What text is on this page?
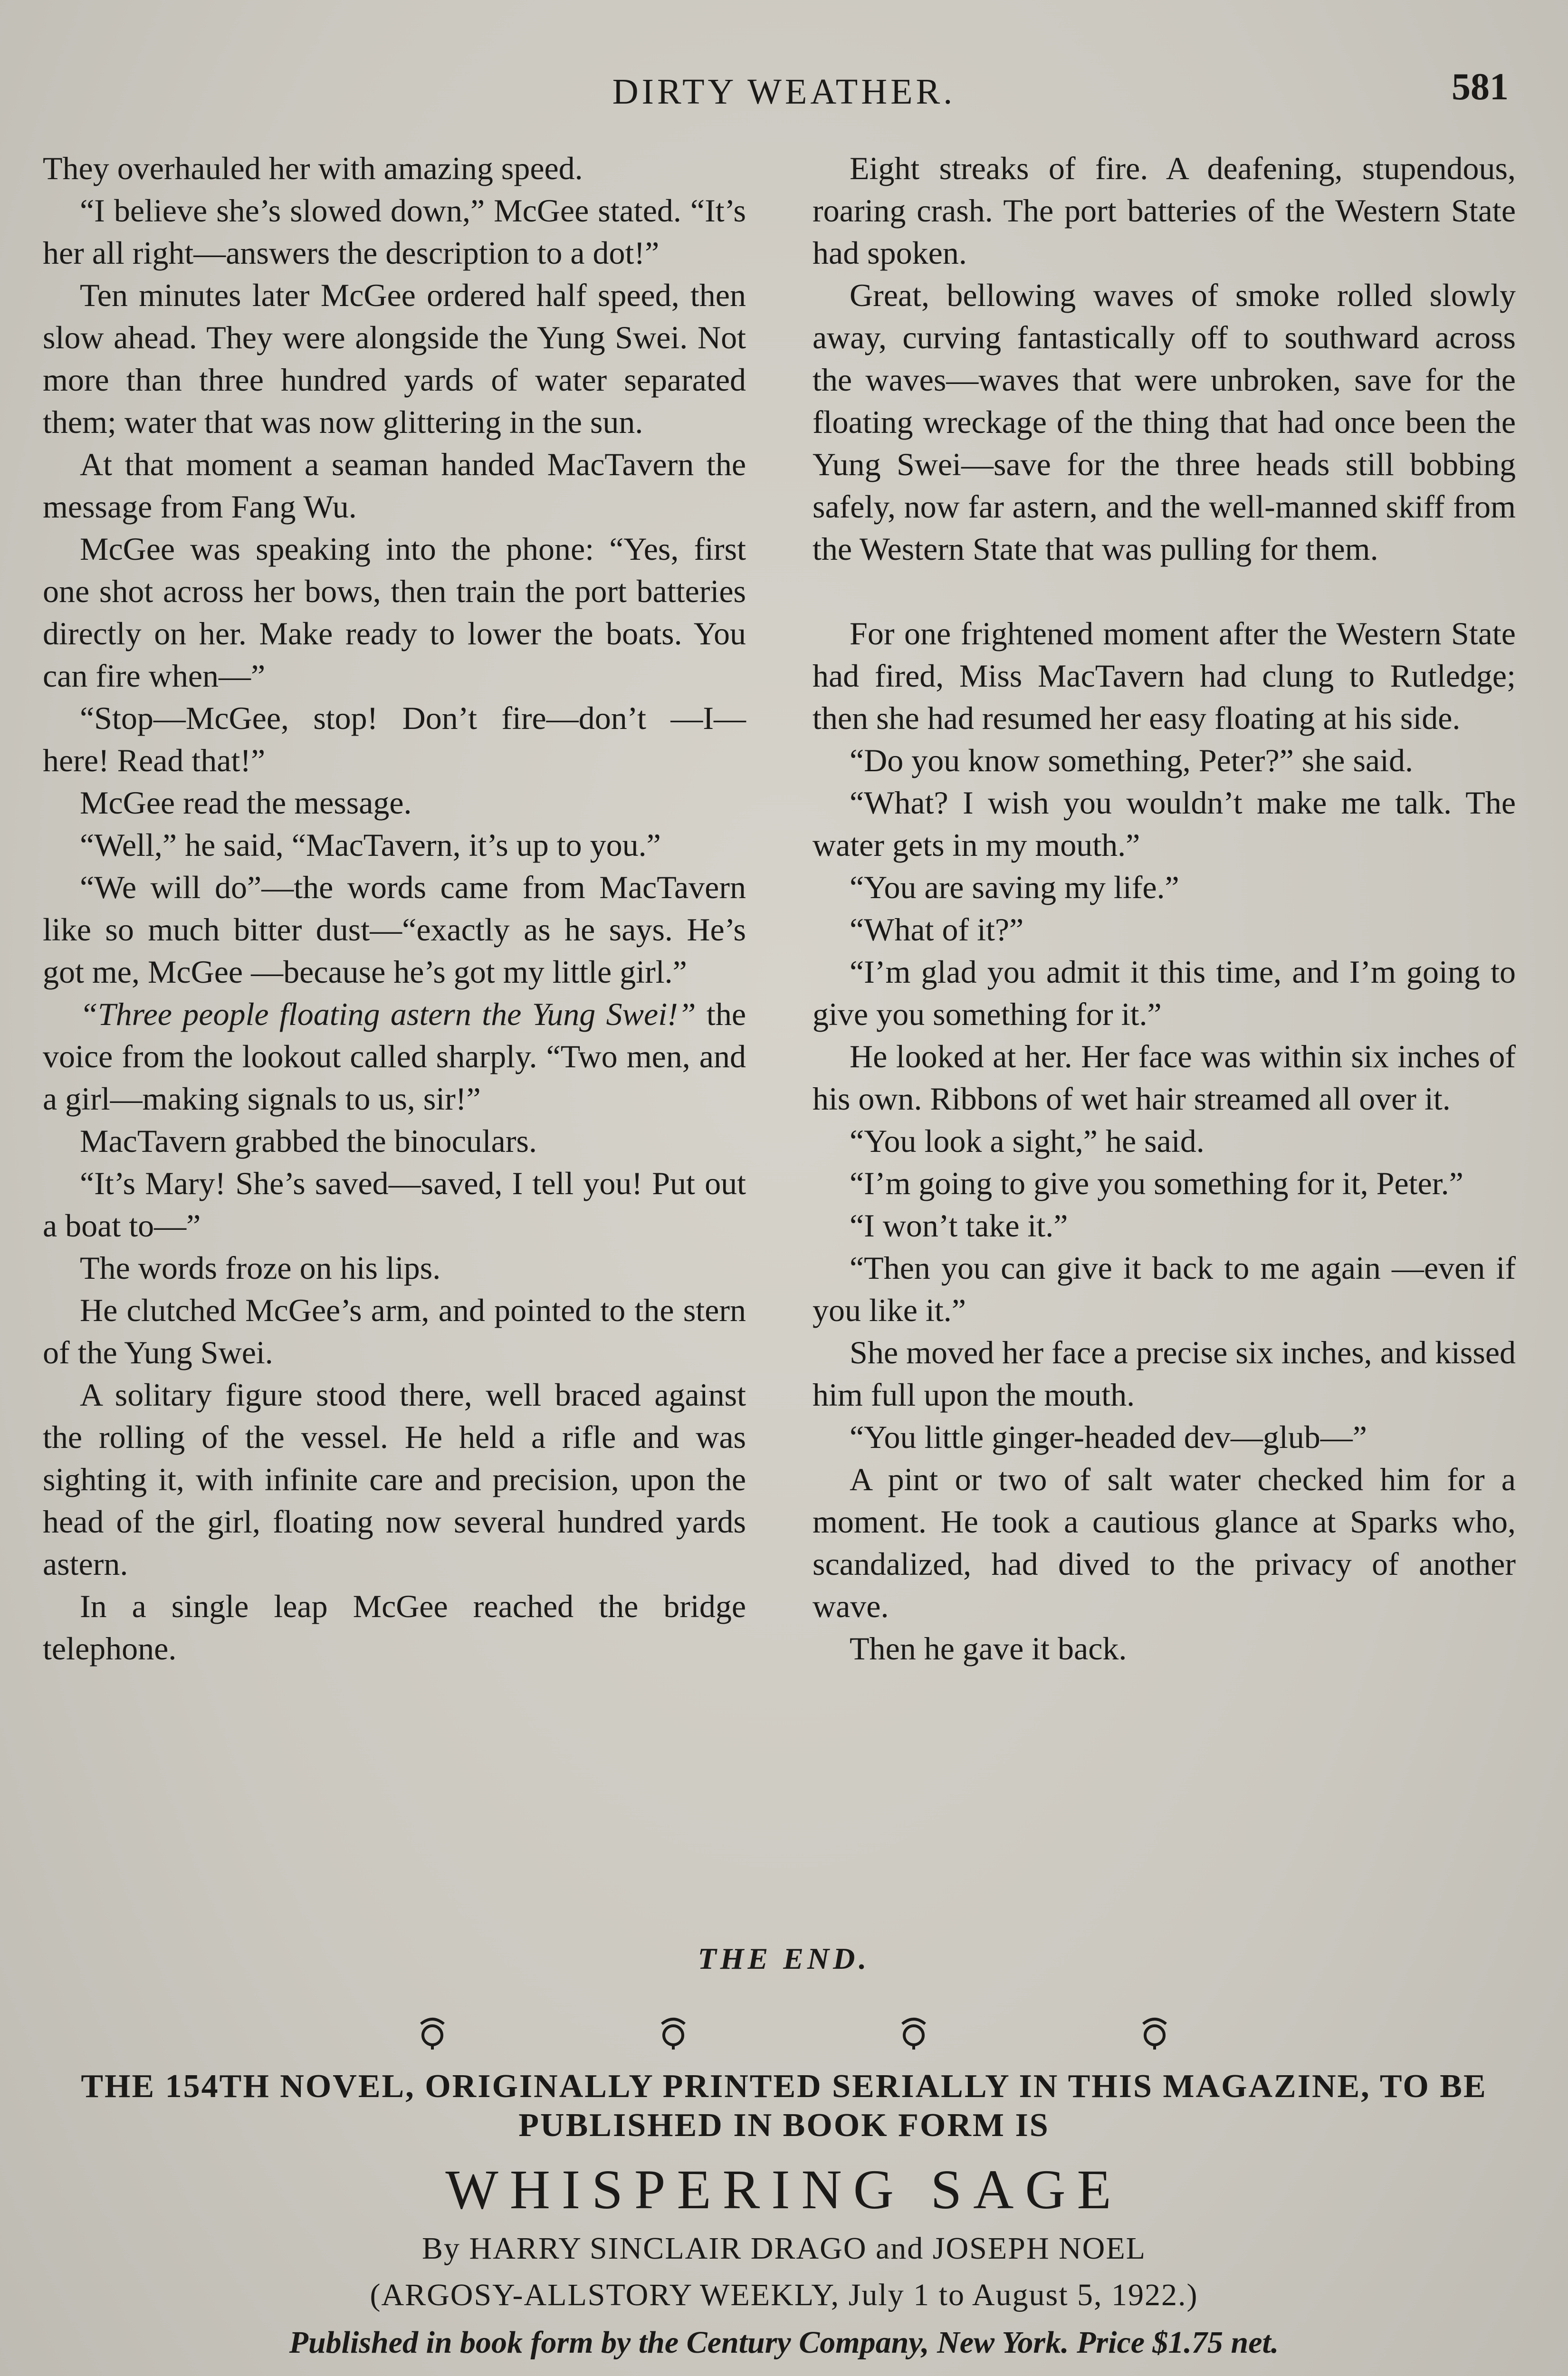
DIRTY WEATHER.	581

They overhauled her with amazing speed.

“I believe she’s slowed down,” McGee stated. “It’s her all right—answers the description to a dot!”

Ten minutes later McGee ordered half speed, then slow ahead. They were alongside the Yung Swei. Not more than three hundred yards of water separated them; water that was now glittering in the sun.

At that moment a seaman handed MacTavern the message from Fang Wu.

McGee was speaking into the phone: “Yes, first one shot across her bows, then train the port batteries directly on her. Make ready to lower the boats. You can fire when—”

“Stop—McGee, stop! Don’t fire—don’t —I—here! Read that!”

McGee read the message.

“Well,” he said, “MacTavern, it’s up to you.”

“We will do”—the words came from MacTavern like so much bitter dust—“exactly as he says. He’s got me, McGee —because he’s got my little girl.”

“Three people floating astern the Yung Swei!” the voice from the lookout called sharply. “Two men, and a girl—making signals to us, sir!”

MacTavern grabbed the binoculars.

“It’s Mary! She’s saved—saved, I tell you! Put out a boat to—”

The words froze on his lips.

He clutched McGee’s arm, and pointed to the stern of the Yung Swei.

A solitary figure stood there, well braced against the rolling of the vessel. He held a rifle and was sighting it, with infinite care and precision, upon the head of the girl, floating now several hundred yards astern.

In a single leap McGee reached the bridge telephone.

Eight streaks of fire. A deafening, stupendous, roaring crash. The port batteries of the Western State had spoken.

Great, bellowing waves of smoke rolled slowly away, curving fantastically off to southward across the waves—waves that were unbroken, save for the floating wreckage of the thing that had once been the Yung Swei—save for the three heads still bobbing safely, now far astern, and the well-manned skiff from the Western State that was pulling for them.

For one frightened moment after the Western State had fired, Miss MacTavern had clung to Rutledge; then she had resumed her easy floating at his side.

“Do you know something, Peter?” she said.

“What? I wish you wouldn’t make me talk. The water gets in my mouth.”

“You are saving my life.”

“What of it?”

“I’m glad you admit it this time, and I’m going to give you something for it.”

He looked at her. Her face was within six inches of his own. Ribbons of wet hair streamed all over it.

“You look a sight,” he said.

“I’m going to give you something for it, Peter.”

“I won’t take it.”

“Then you can give it back to me again —even if you like it.”

She moved her face a precise six inches, and kissed him full upon the mouth.

“You little ginger-headed dev—glub—”

A pint or two of salt water checked him for a moment. He took a cautious glance at Sparks who, scandalized, had dived to the privacy of another wave.

Then he gave it back.

THE END.
THE 154TH NOVEL, ORIGINALLY PRINTED SERIALLY IN THIS MAGAZINE, TO BE PUBLISHED IN BOOK FORM IS
WHISPERING SAGE
By HARRY SINCLAIR DRAGO and JOSEPH NOEL
(ARGOSY-ALLSTORY WEEKLY, July 1 to August 5, 1922.)
Published in book form by the Century Company, New York. Price $1.75 net.
